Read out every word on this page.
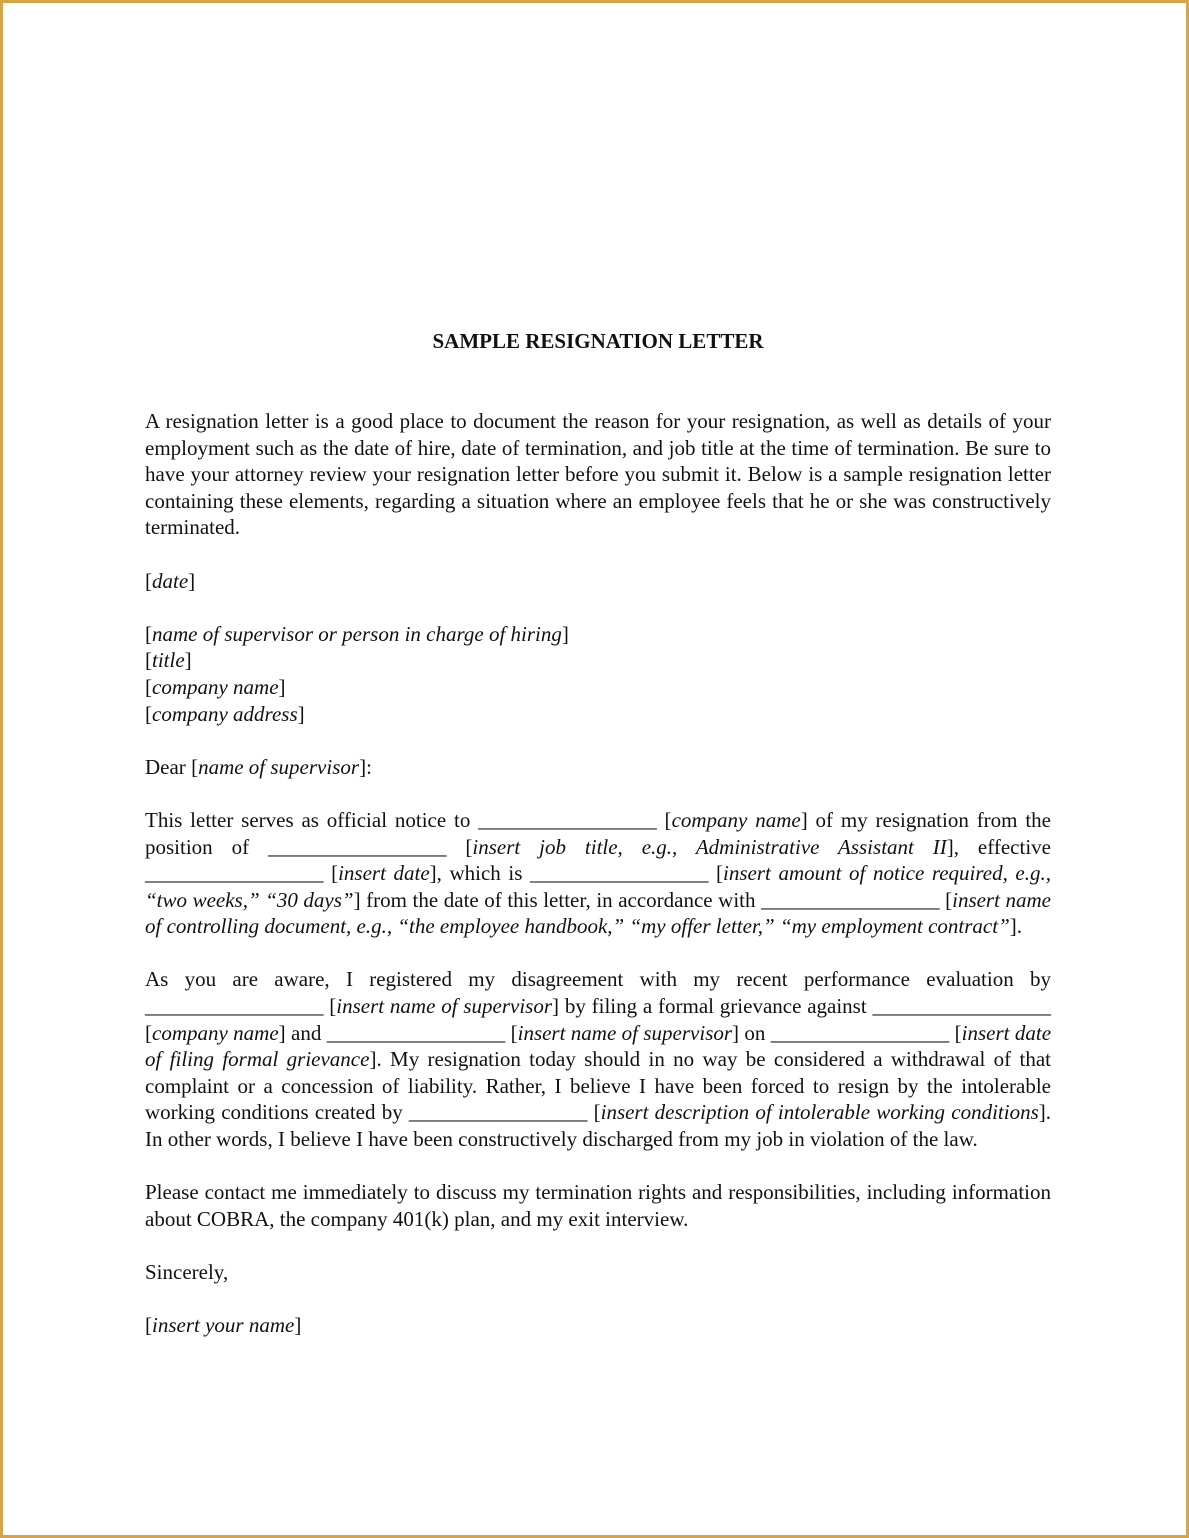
SAMPLE RESIGNATION LETTER

A resignation letter is a good place to document the reason for your resignation, as well as details of your employment such as the date of hire, date of termination, and job title at the time of termination. Be sure to have your attorney review your resignation letter before you submit it. Below is a sample resignation letter containing these elements, regarding a situation where an employee feels that he or she was constructively terminated.

[date]

[name of supervisor or person in charge of hiring]
[title]
[company name]
[company address]

Dear [name of supervisor]:

This letter serves as official notice to _________________ [company name] of my resignation from the position of _________________ [insert job title, e.g., Administrative Assistant II], effective _________________ [insert date], which is _________________ [insert amount of notice required, e.g., “two weeks,” “30 days”] from the date of this letter, in accordance with _________________ [insert name of controlling document, e.g., “the employee handbook,” “my offer letter,” “my employment contract”].

As you are aware, I registered my disagreement with my recent performance evaluation by _________________ [insert name of supervisor] by filing a formal grievance against _________________ [company name] and _________________ [insert name of supervisor] on _________________ [insert date of filing formal grievance]. My resignation today should in no way be considered a withdrawal of that complaint or a concession of liability. Rather, I believe I have been forced to resign by the intolerable working conditions created by _________________ [insert description of intolerable working conditions]. In other words, I believe I have been constructively discharged from my job in violation of the law.

Please contact me immediately to discuss my termination rights and responsibilities, including information about COBRA, the company 401(k) plan, and my exit interview.

Sincerely,

[insert your name]
